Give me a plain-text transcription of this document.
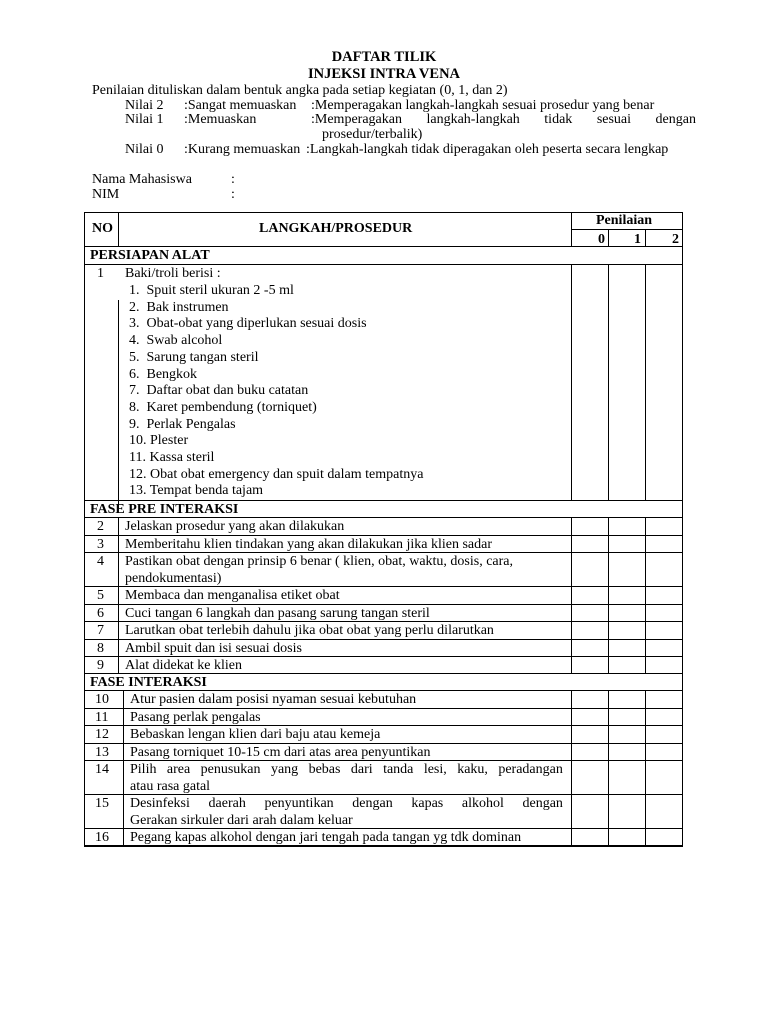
DAFTAR TILIK
INJEKSI INTRA VENA
Penilaian dituliskan dalam bentuk angka pada setiap kegiatan (0, 1, dan 2)
Nilai 2 :Sangat memuaskan :Memperagakan langkah-langkah sesuai prosedur yang benar
Nilai 1 :Memuaskan	:Memperagakan langkah-langkah tidak sesuai dengan
prosedur/terbalik)
Nilai 0 :Kurang memuaskan :Langkah-langkah tidak diperagakan oleh peserta secara lengkap
Nama Mahasiswa	:
NIM	:
NO	LANGKAH/PROSEDUR
Penilaian
0 1 2
PERSIAPAN ALAT
1 Baki/troli berisi :
1.  Spuit steril ukuran 2 -5 ml
2.  Bak instrumen
3.  Obat-obat yang diperlukan sesuai dosis
4.  Swab alcohol
5.  Sarung tangan steril
6.  Bengkok
7.  Daftar obat dan buku catatan
8.  Karet pembendung (torniquet)
9.  Perlak Pengalas
10. Plester
11. Kassa steril
12. Obat obat emergency dan spuit dalam tempatnya
13. Tempat benda tajam
FASE PRE INTERAKSI
2 Jelaskan prosedur yang akan dilakukan
3 Memberitahu klien tindakan yang akan dilakukan jika klien sadar
4 Pastikan obat dengan prinsip 6 benar ( klien, obat, waktu, dosis, cara,
pendokumentasi)
5 Membaca dan menganalisa etiket obat
6 Cuci tangan 6 langkah dan pasang sarung tangan steril
7 Larutkan obat terlebih dahulu jika obat obat yang perlu dilarutkan
8 Ambil spuit dan isi sesuai dosis
9 Alat didekat ke klien
FASE INTERAKSI
10 Atur pasien dalam posisi nyaman sesuai kebutuhan
11 Pasang perlak pengalas
12 Bebaskan lengan klien dari baju atau kemeja
13 Pasang torniquet 10-15 cm dari atas area penyuntikan
14 Pilih area penusukan yang bebas dari tanda lesi, kaku, peradangan
atau rasa gatal
15 Desinfeksi daerah penyuntikan dengan kapas alkohol dengan
Gerakan sirkuler dari arah dalam keluar
16 Pegang kapas alkohol dengan jari tengah pada tangan yg tdk dominan
